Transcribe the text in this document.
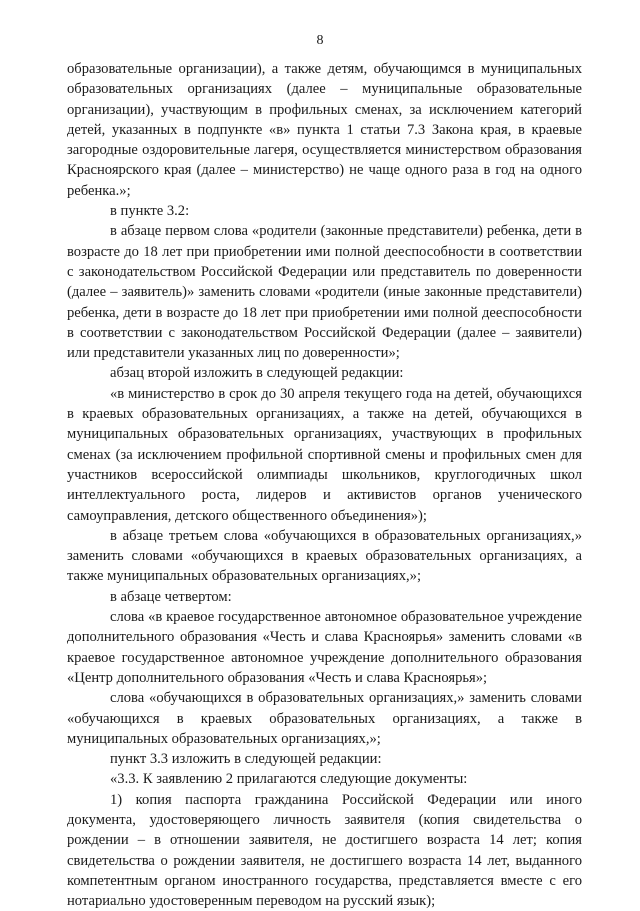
8

образовательные организации), а также детям, обучающимся в муниципальных образовательных организациях (далее – муниципальные образовательные организации), участвующим в профильных сменах, за исключением категорий детей, указанных в подпункте «в» пункта 1 статьи 7.3 Закона края, в краевые загородные оздоровительные лагеря, осуществляется министерством образования Красноярского края (далее – министерство) не чаще одного раза в год на одного ребенка.»;

в пункте 3.2:

в абзаце первом слова «родители (законные представители) ребенка, дети в возрасте до 18 лет при приобретении ими полной дееспособности в соответствии с законодательством Российской Федерации или представитель по доверенности (далее – заявитель)» заменить словами «родители (иные законные представители) ребенка, дети в возрасте до 18 лет при приобретении ими полной дееспособности в соответствии с законодательством Российской Федерации (далее – заявители) или представители указанных лиц по доверенности»;

абзац второй изложить в следующей редакции:

«в министерство в срок до 30 апреля текущего года на детей, обучающихся в краевых образовательных организациях, а также на детей, обучающихся в муниципальных образовательных организациях, участвующих в профильных сменах (за исключением профильной спортивной смены и профильных смен для участников всероссийской олимпиады школьников, круглогодичных школ интеллектуального роста, лидеров и активистов органов ученического самоуправления, детского общественного объединения»);

в абзаце третьем слова «обучающихся в образовательных организациях,» заменить словами «обучающихся в краевых образовательных организациях, а также муниципальных образовательных организациях,»;

в абзаце четвертом:

слова «в краевое государственное автономное образовательное учреждение дополнительного образования «Честь и слава Красноярья» заменить словами «в краевое государственное автономное учреждение дополнительного образования «Центр дополнительного образования «Честь и слава Красноярья»;

слова «обучающихся в образовательных организациях,» заменить словами «обучающихся в краевых образовательных организациях, а также в муниципальных образовательных организациях,»;

пункт 3.3 изложить в следующей редакции:

«3.3. К заявлению 2 прилагаются следующие документы:

1) копия паспорта гражданина Российской Федерации или иного документа, удостоверяющего личность заявителя (копия свидетельства о рождении – в отношении заявителя, не достигшего возраста 14 лет; копия свидетельства о рождении заявителя, не достигшего возраста 14 лет, выданного компетентным органом иностранного государства, представляется вместе с его нотариально удостоверенным переводом на русский язык);
